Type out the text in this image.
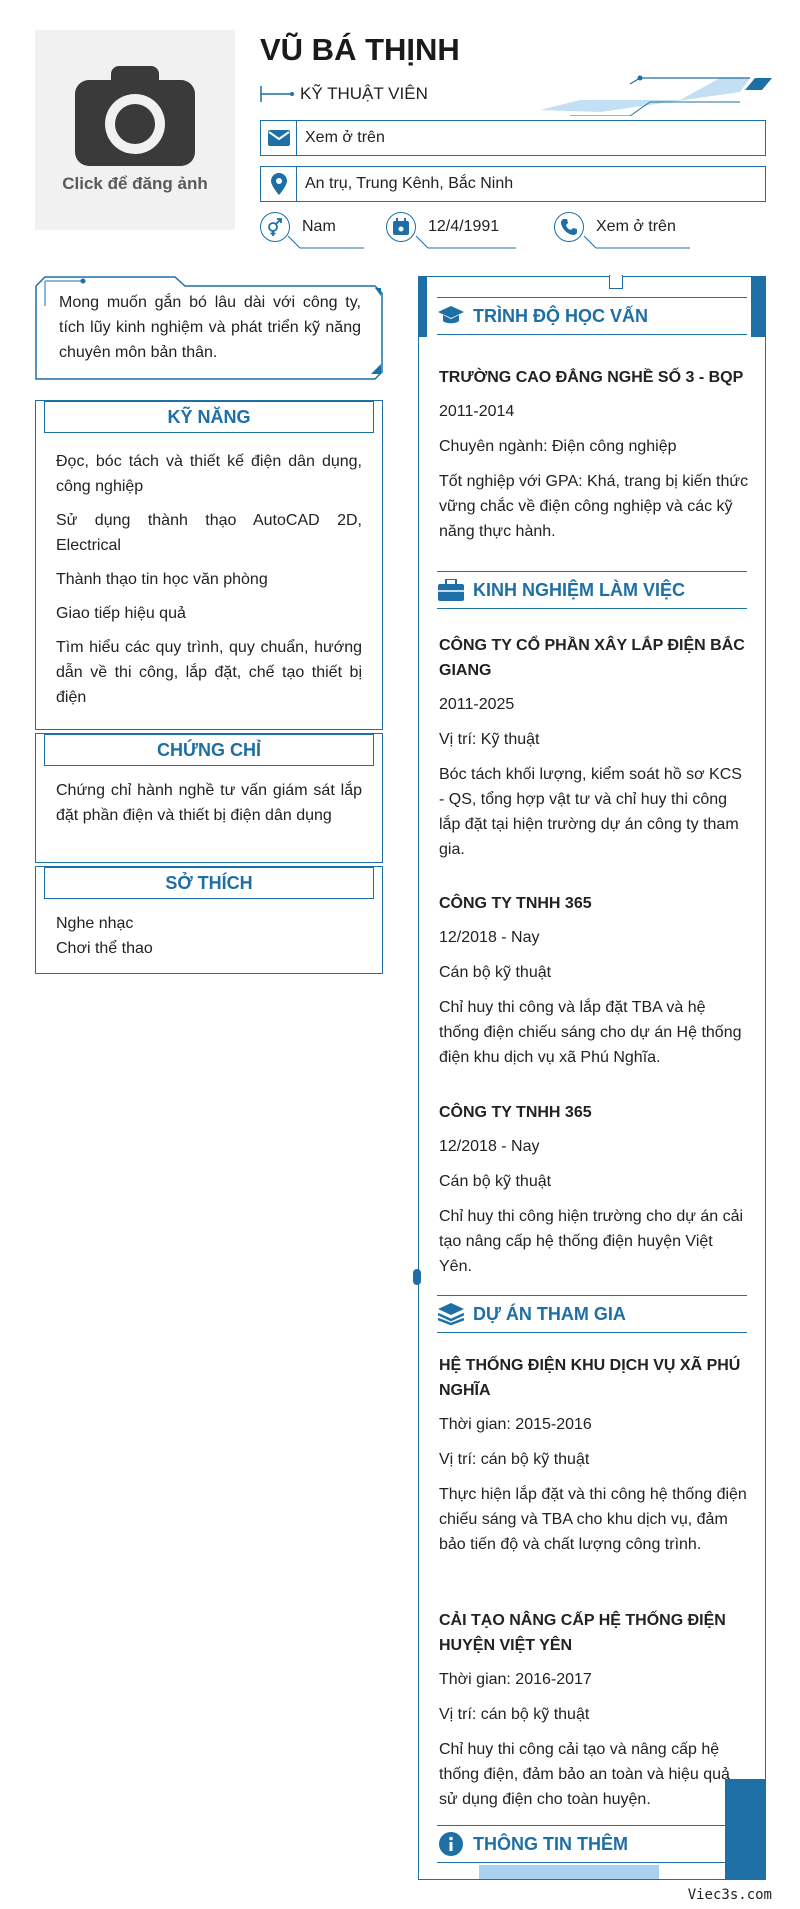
Click để đăng ảnh
VŨ BÁ THỊNH
KỸ THUẬT VIÊN
Xem ở trên
An trụ, Trung Kênh, Bắc Ninh
Nam	12/4/1991	Xem ở trên
Mong muốn gắn bó lâu dài với công ty, tích lũy kinh nghiệm và phát triển kỹ năng chuyên môn bản thân.
KỸ NĂNG

Đọc, bóc tách và thiết kế điện dân dụng, công nghiệp

Sử dụng thành thạo AutoCAD 2D, Electrical

Thành thạo tin học văn phòng

Giao tiếp hiệu quả

Tìm hiểu các quy trình, quy chuẩn, hướng dẫn về thi công, lắp đặt, chế tạo thiết bị điện

CHỨNG CHỈ

Chứng chỉ hành nghề tư vấn giám sát lắp đặt phần điện và thiết bị điện dân dụng

SỞ THÍCH
Nghe nhạc
Chơi thể thao
TRÌNH ĐỘ HỌC VẤN

TRƯỜNG CAO ĐẲNG NGHỀ SỐ 3 - BQP

2011-2014

Chuyên ngành: Điện công nghiệp

Tốt nghiệp với GPA: Khá, trang bị kiến thức vững chắc về điện công nghiệp và các kỹ năng thực hành.

KINH NGHIỆM LÀM VIỆC

CÔNG TY CỔ PHẦN XÂY LẮP ĐIỆN BẮC GIANG

2011-2025

Vị trí: Kỹ thuật

Bóc tách khối lượng, kiểm soát hồ sơ KCS - QS, tổng hợp vật tư và chỉ huy thi công lắp đặt tại hiện trường dự án công ty tham gia.

CÔNG TY TNHH 365

12/2018 - Nay

Cán bộ kỹ thuật

Chỉ huy thi công và lắp đặt TBA và hệ thống điện chiếu sáng cho dự án Hệ thống điện khu dịch vụ xã Phú Nghĩa.

CÔNG TY TNHH 365

12/2018 - Nay

Cán bộ kỹ thuật

Chỉ huy thi công hiện trường cho dự án cải tạo nâng cấp hệ thống điện huyện Việt Yên.

DỰ ÁN THAM GIA

HỆ THỐNG ĐIỆN KHU DỊCH VỤ XÃ PHÚ NGHĨA

Thời gian: 2015-2016

Vị trí: cán bộ kỹ thuật

Thực hiện lắp đặt và thi công hệ thống điện chiếu sáng và TBA cho khu dịch vụ, đảm bảo tiến độ và chất lượng công trình.

CẢI TẠO NÂNG CẤP HỆ THỐNG ĐIỆN HUYỆN VIỆT YÊN

Thời gian: 2016-2017

Vị trí: cán bộ kỹ thuật

Chỉ huy thi công cải tạo và nâng cấp hệ thống điện, đảm bảo an toàn và hiệu quả sử dụng điện cho toàn huyện.

THÔNG TIN THÊM
Viec3s.com
